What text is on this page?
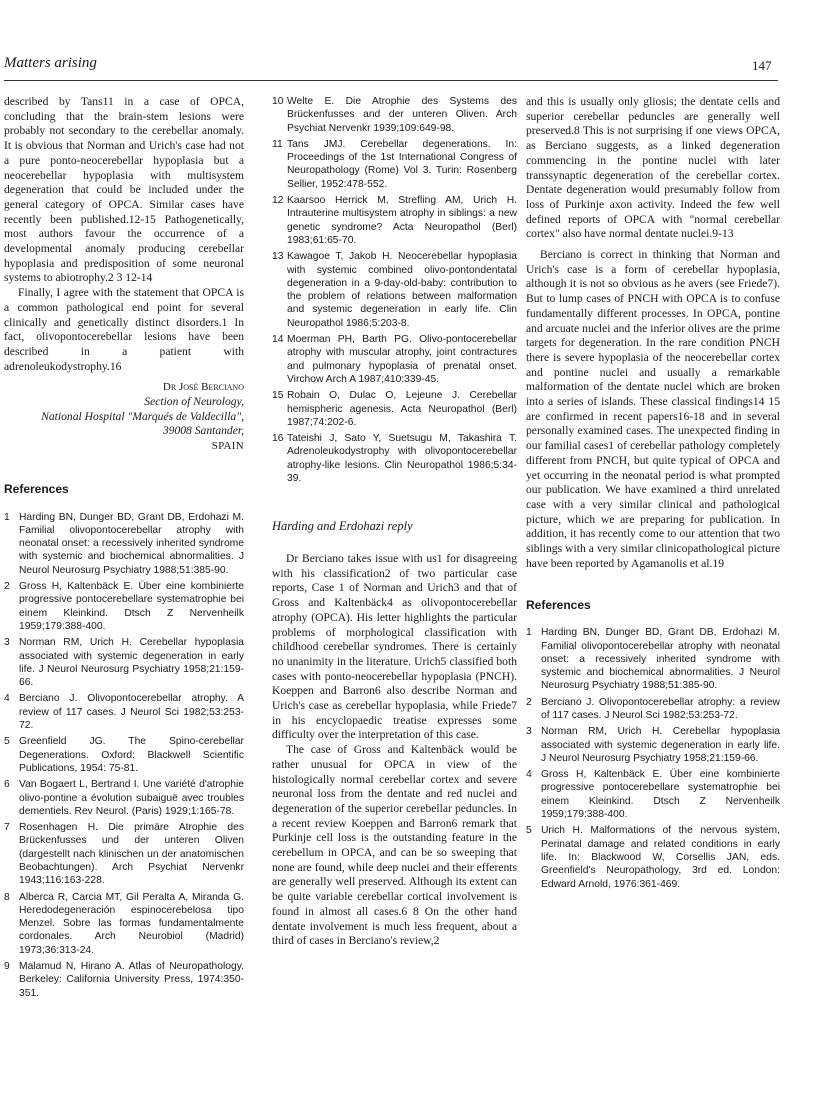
Matters arising	147

described by Tans11 in a case of OPCA, concluding that the brain-stem lesions were probably not secondary to the cerebellar anomaly. It is obvious that Norman and Urich's case had not a pure ponto-neocerebellar hypoplasia but a neocerebellar hypoplasia with multisystem degeneration that could be included under the general category of OPCA. Similar cases have recently been published.12-15 Pathogenetically, most authors favour the occurrence of a developmental anomaly producing cerebellar hypoplasia and predisposition of some neuronal systems to abiotrophy.2 3 12-14

Finally, I agree with the statement that OPCA is a common pathological end point for several clinically and genetically distinct disorders.1 In fact, olivopontocerebellar lesions have been described in a patient with adrenoleukodystrophy.16

Dr José Berciano
Section of Neurology,
National Hospital "Marqués de Valdecilla",
39008 Santander,
SPAIN
References
1 Harding BN, Dunger BD, Grant DB, Erdohazi M. Familial olivopontocerebellar atrophy with neonatal onset: a recessively inherited syndrome with systemic and biochemical abnormalities. J Neurol Neurosurg Psychiatry 1988;51:385-90.
2 Gross H, Kaltenbäck E. Über eine kombinierte progressive pontocerebellare systematrophie bei einem Kleinkind. Dtsch Z Nervenheilk 1959;179:388-400.
3 Norman RM, Urich H. Cerebellar hypoplasia associated with systemic degeneration in early life. J Neurol Neurosurg Psychiatry 1958;21:159-66.
4 Berciano J. Olivopontocerebellar atrophy. A review of 117 cases. J Neurol Sci 1982;53:253-72.
5 Greenfield JG. The Spino-cerebellar Degenerations. Oxford: Blackwell Scientific Publications, 1954: 75-81.
6 Van Bogaert L, Bertrand I. Une variété d'atrophie olivo-pontine a évolution subaiguë avec troubles dementiels. Rev Neurol. (Paris) 1929;1:165-78.
7 Rosenhagen H. Die primäre Atrophie des Brückenfusses und der unteren Oliven (dargestellt nach klinischen un der anatomischen Beobachtungen). Arch Psychiat Nervenkr 1943;116:163-228.
8 Alberca R, Carcia MT, Gil Peralta A, Miranda G. Heredodegeneración espinocerebelosa tipo Menzel. Sobre las formas fundamentalmente cordonales. Arch Neurobiol (Madrid) 1973;36:313-24.
9 Malamud N, Hirano A. Atlas of Neuropathology. Berkeley: California University Press, 1974:350-351.
10 Welte E. Die Atrophie des Systems des Brückenfusses and der unteren Oliven. Arch Psychiat Nervenkr 1939;109:649-98.
11 Tans JMJ. Cerebellar degenerations. In: Proceedings of the 1st International Congress of Neuropathology (Rome) Vol 3. Turin: Rosenberg Sellier, 1952:478-552.
12 Kaarsoo Herrick M, Strefling AM, Urich H. Intrauterine multisystem atrophy in siblings: a new genetic syndrome? Acta Neuropathol (Berl) 1983;61:65-70.
13 Kawagoe T, Jakob H. Neocerebellar hypoplasia with systemic combined olivo-pontondentatal degeneration in a 9-day-old-baby: contribution to the problem of relations between malformation and systemic degeneration in early life. Clin Neuropathol 1986;5:203-8.
14 Moerman PH, Barth PG. Olivo-pontocerebellar atrophy with muscular atrophy, joint contractures and pulmonary hypoplasia of prenatal onset. Virchow Arch A 1987;410:339-45.
15 Robain O, Dulac O, Lejeune J. Cerebellar hemispheric agenesis. Acta Neuropathol (Berl) 1987;74:202-6.
16 Tateishi J, Sato Y, Suetsugu M, Takashira T. Adrenoleukodystrophy with olivopontocerebellar atrophy-like lesions. Clin Neuropathol 1986;5:34-39.
Harding and Erdohazi reply

Dr Berciano takes issue with us1 for disagreeing with his classification2 of two particular case reports, Case 1 of Norman and Urich3 and that of Gross and Kaltenbäck4 as olivopontocerebellar atrophy (OPCA). His letter highlights the particular problems of morphological classification with childhood cerebellar syndromes. There is certainly no unanimity in the literature. Urich5 classified both cases with ponto-neocerebellar hypoplasia (PNCH). Koeppen and Barron6 also describe Norman and Urich's case as cerebellar hypoplasia, while Friede7 in his encyclopaedic treatise expresses some difficulty over the interpretation of this case.

The case of Gross and Kaltenbäck would be rather unusual for OPCA in view of the histologically normal cerebellar cortex and severe neuronal loss from the dentate and red nuclei and degeneration of the superior cerebellar peduncles. In a recent review Koeppen and Barron6 remark that Purkinje cell loss is the outstanding feature in the cerebellum in OPCA, and can be so sweeping that none are found, while deep nuclei and their efferents are generally well preserved. Although its extent can be quite variable cerebellar cortical involvement is found in almost all cases.6 8 On the other hand dentate involvement is much less frequent, about a third of cases in Berciano's review,2

and this is usually only gliosis; the dentate cells and superior cerebellar peduncles are generally well preserved.8 This is not surprising if one views OPCA, as Berciano suggests, as a linked degeneration commencing in the pontine nuclei with later transsynaptic degeneration of the cerebellar cortex. Dentate degeneration would presumably follow from loss of Purkinje axon activity. Indeed the few well defined reports of OPCA with "normal cerebellar cortex" also have normal dentate nuclei.9-13

Berciano is correct in thinking that Norman and Urich's case is a form of cerebellar hypoplasia, although it is not so obvious as he avers (see Friede7). But to lump cases of PNCH with OPCA is to confuse fundamentally different processes. In OPCA, pontine and arcuate nuclei and the inferior olives are the prime targets for degeneration. In the rare condition PNCH there is severe hypoplasia of the neocerebellar cortex and pontine nuclei and usually a remarkable malformation of the dentate nuclei which are broken into a series of islands. These classical findings14 15 are confirmed in recent papers16-18 and in several personally examined cases. The unexpected finding in our familial cases1 of cerebellar pathology completely different from PNCH, but quite typical of OPCA and yet occurring in the neonatal period is what prompted our publication. We have examined a third unrelated case with a very similar clinical and pathological picture, which we are preparing for publication. In addition, it has recently come to our attention that two siblings with a very similar clinicopathological picture have been reported by Agamanolis et al.19

References
1 Harding BN, Dunger BD, Grant DB, Erdohazi M. Familial olivopontocerebellar atrophy with neonatal onset: a recessively inherited syndrome with systemic and biochemical abnormalities. J Neurol Neurosurg Psychiatry 1988;51:385-90.
2 Berciano J. Olivopontocerebellar atrophy: a review of 117 cases. J Neurol Sci 1982;53:253-72.
3 Norman RM, Urich H. Cerebellar hypoplasia associated with systemic degeneration in early life. J Neurol Neurosurg Psychiatry 1958;21:159-66.
4 Gross H, Kaltenbäck E. Über eine kombinierte progressive pontocerebellare systematrophie bei einem Kleinkind. Dtsch Z Nervenheilk 1959;179:388-400.
5 Urich H. Malformations of the nervous system, Perinatal damage and related conditions in early life. In: Blackwood W, Corsellis JAN, eds. Greenfield's Neuropathology, 3rd ed. London: Edward Arnold, 1976:361-469.
